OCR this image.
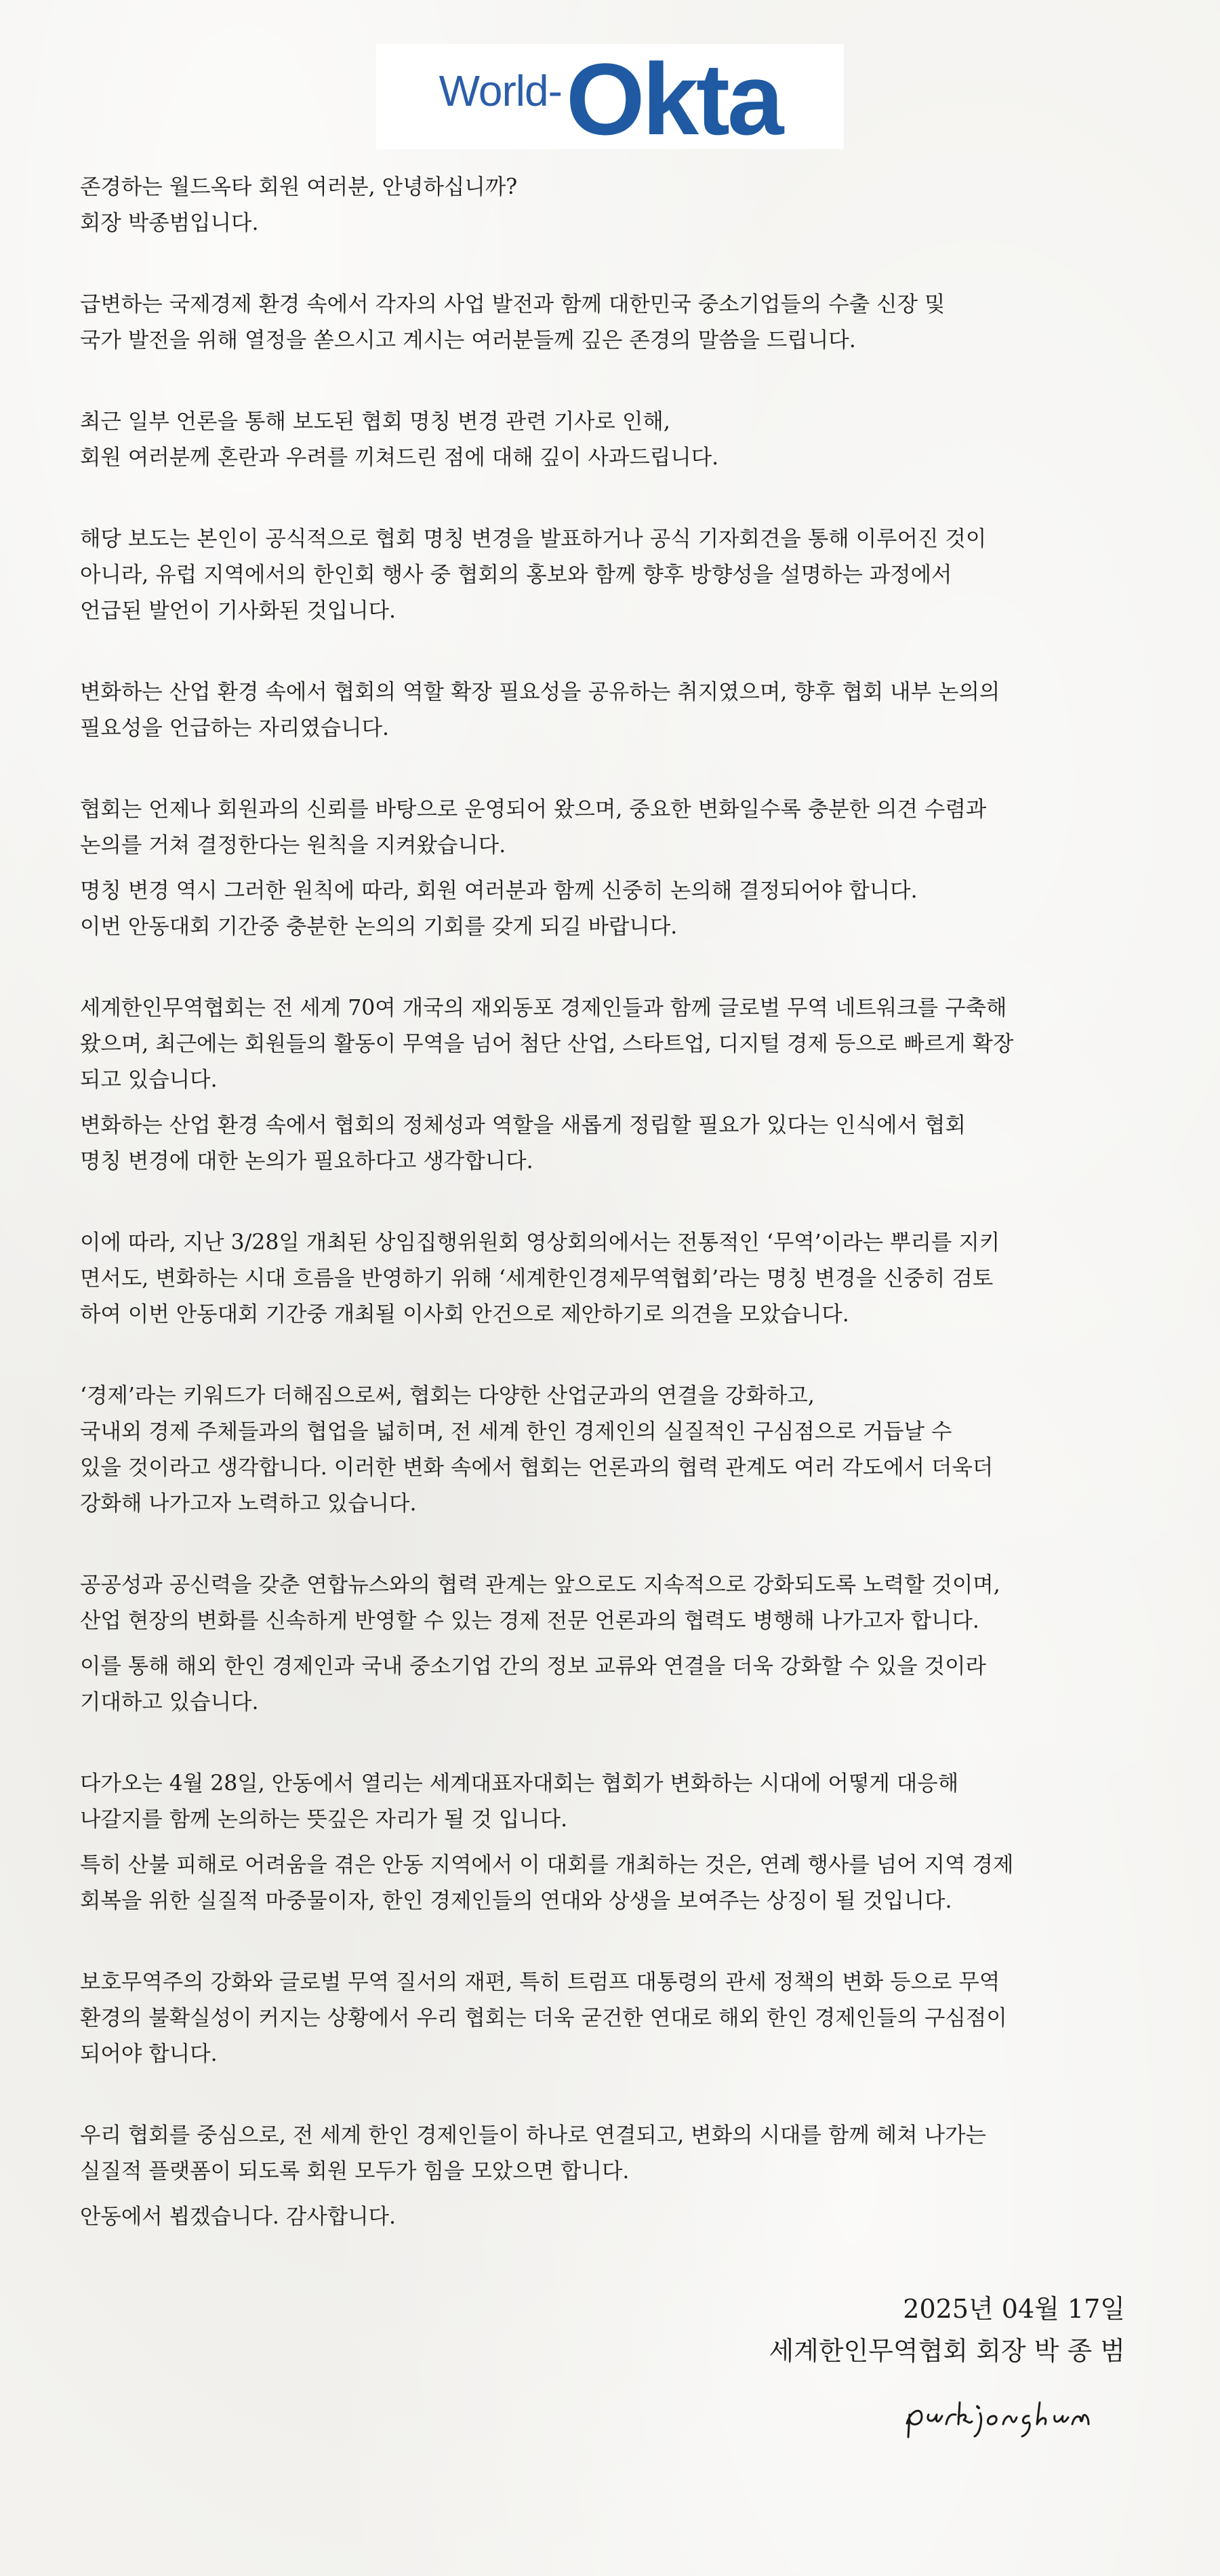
World- Okta

존경하는 월드옥타 회원 여러분, 안녕하십니까?
회장 박종범입니다.

급변하는 국제경제 환경 속에서 각자의 사업 발전과 함께 대한민국 중소기업들의 수출 신장 및
국가 발전을 위해 열정을 쏟으시고 계시는 여러분들께 깊은 존경의 말씀을 드립니다.

최근 일부 언론을 통해 보도된 협회 명칭 변경 관련 기사로 인해,
회원 여러분께 혼란과 우려를 끼쳐드린 점에 대해 깊이 사과드립니다.

해당 보도는 본인이 공식적으로 협회 명칭 변경을 발표하거나 공식 기자회견을 통해 이루어진 것이
아니라, 유럽 지역에서의 한인회 행사 중 협회의 홍보와 함께 향후 방향성을 설명하는 과정에서
언급된 발언이 기사화된 것입니다.

변화하는 산업 환경 속에서 협회의 역할 확장 필요성을 공유하는 취지였으며, 향후 협회 내부 논의의
필요성을 언급하는 자리였습니다.

협회는 언제나 회원과의 신뢰를 바탕으로 운영되어 왔으며, 중요한 변화일수록 충분한 의견 수렴과
논의를 거쳐 결정한다는 원칙을 지켜왔습니다.

명칭 변경 역시 그러한 원칙에 따라, 회원 여러분과 함께 신중히 논의해 결정되어야 합니다.
이번 안동대회 기간중 충분한 논의의 기회를 갖게 되길 바랍니다.

세계한인무역협회는 전 세계 70여 개국의 재외동포 경제인들과 함께 글로벌 무역 네트워크를 구축해
왔으며, 최근에는 회원들의 활동이 무역을 넘어 첨단 산업, 스타트업, 디지털 경제 등으로 빠르게 확장
되고 있습니다.

변화하는 산업 환경 속에서 협회의 정체성과 역할을 새롭게 정립할 필요가 있다는 인식에서 협회
명칭 변경에 대한 논의가 필요하다고 생각합니다.

이에 따라, 지난 3/28일 개최된 상임집행위원회 영상회의에서는 전통적인 ‘무역’이라는 뿌리를 지키
면서도, 변화하는 시대 흐름을 반영하기 위해 ‘세계한인경제무역협회’라는 명칭 변경을 신중히 검토
하여 이번 안동대회 기간중 개최될 이사회 안건으로 제안하기로 의견을 모았습니다.

‘경제’라는 키워드가 더해짐으로써, 협회는 다양한 산업군과의 연결을 강화하고,
국내외 경제 주체들과의 협업을 넓히며, 전 세계 한인 경제인의 실질적인 구심점으로 거듭날 수
있을 것이라고 생각합니다. 이러한 변화 속에서 협회는 언론과의 협력 관계도 여러 각도에서 더욱더
강화해 나가고자 노력하고 있습니다.

공공성과 공신력을 갖춘 연합뉴스와의 협력 관계는 앞으로도 지속적으로 강화되도록 노력할 것이며,
산업 현장의 변화를 신속하게 반영할 수 있는 경제 전문 언론과의 협력도 병행해 나가고자 합니다.

이를 통해 해외 한인 경제인과 국내 중소기업 간의 정보 교류와 연결을 더욱 강화할 수 있을 것이라
기대하고 있습니다.

다가오는 4월 28일, 안동에서 열리는 세계대표자대회는 협회가 변화하는 시대에 어떻게 대응해
나갈지를 함께 논의하는 뜻깊은 자리가 될 것 입니다.

특히 산불 피해로 어려움을 겪은 안동 지역에서 이 대회를 개최하는 것은, 연례 행사를 넘어 지역 경제
회복을 위한 실질적 마중물이자, 한인 경제인들의 연대와 상생을 보여주는 상징이 될 것입니다.

보호무역주의 강화와 글로벌 무역 질서의 재편, 특히 트럼프 대통령의 관세 정책의 변화 등으로 무역
환경의 불확실성이 커지는 상황에서 우리 협회는 더욱 굳건한 연대로 해외 한인 경제인들의 구심점이
되어야 합니다.

우리 협회를 중심으로, 전 세계 한인 경제인들이 하나로 연결되고, 변화의 시대를 함께 헤쳐 나가는
실질적 플랫폼이 되도록 회원 모두가 힘을 모았으면 합니다.

안동에서 뵙겠습니다. 감사합니다.

2025년 04월 17일
세계한인무역협회 회장 박 종 범
